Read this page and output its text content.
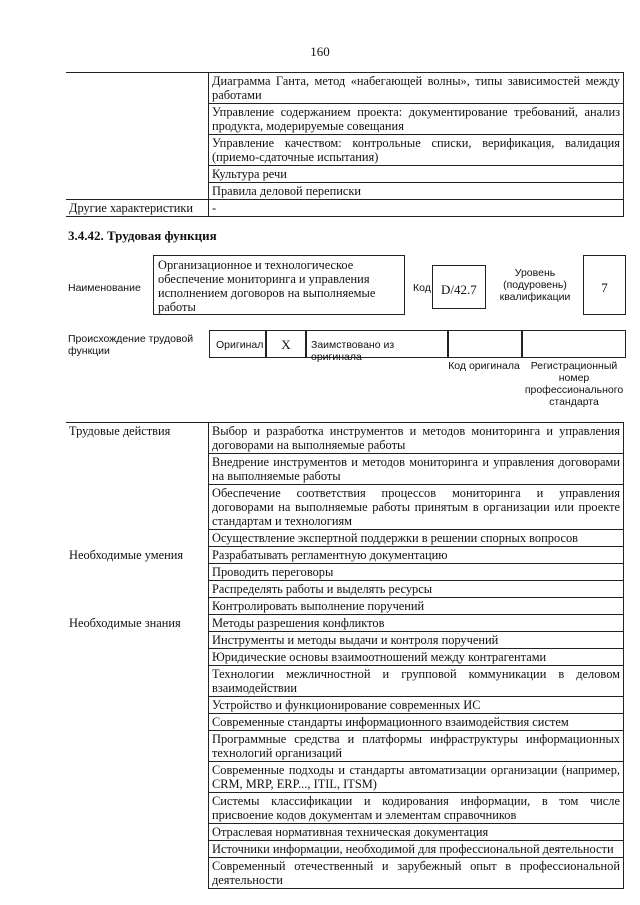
160
	Диаграмма Ганта, метод «набегающей волны», типы зависимостей между работами
	Управление содержанием проекта: документирование требований, анализ продукта, модерируемые совещания
	Управление качеством: контрольные списки, верификация, валидация (приемо-сдаточные испытания)
	Культура речи
	Правила деловой переписки
Другие характеристики	-
3.4.42. Трудовая функция
Наименование
Организационное и технологическое обеспечение мониторинга и управления исполнением договоров на выполняемые работы
Код D/42.7
Уровень (подуровень) квалификации
7
Происхождение трудовой функции	Оригинал	X	Заимствовано из оригинала
Код оригинала	Регистрационный номер профессионального стандарта
Трудовые действия	Выбор и разработка инструментов и методов мониторинга и управления договорами на выполняемые работы
	Внедрение инструментов и методов мониторинга и управления договорами на выполняемые работы
	Обеспечение соответствия процессов мониторинга и управления договорами на выполняемые работы принятым в организации или проекте стандартам и технологиям
	Осуществление экспертной поддержки в решении спорных вопросов
Необходимые умения	Разрабатывать регламентную документацию
	Проводить переговоры
	Распределять работы и выделять ресурсы
	Контролировать выполнение поручений
Необходимые знания	Методы разрешения конфликтов
	Инструменты и методы выдачи и контроля поручений
	Юридические основы взаимоотношений между контрагентами
	Технологии межличностной и групповой коммуникации в деловом взаимодействии
	Устройство и функционирование современных ИС
	Современные стандарты информационного взаимодействия систем
	Программные средства и платформы инфраструктуры информационных технологий организаций
	Современные подходы и стандарты автоматизации организации (например, CRM, MRP, ERP..., ITIL, ITSM)
	Системы классификации и кодирования информации, в том числе присвоение кодов документам и элементам справочников
	Отраслевая нормативная техническая документация
	Источники информации, необходимой для профессиональной деятельности
	Современный отечественный и зарубежный опыт в профессиональной деятельности
